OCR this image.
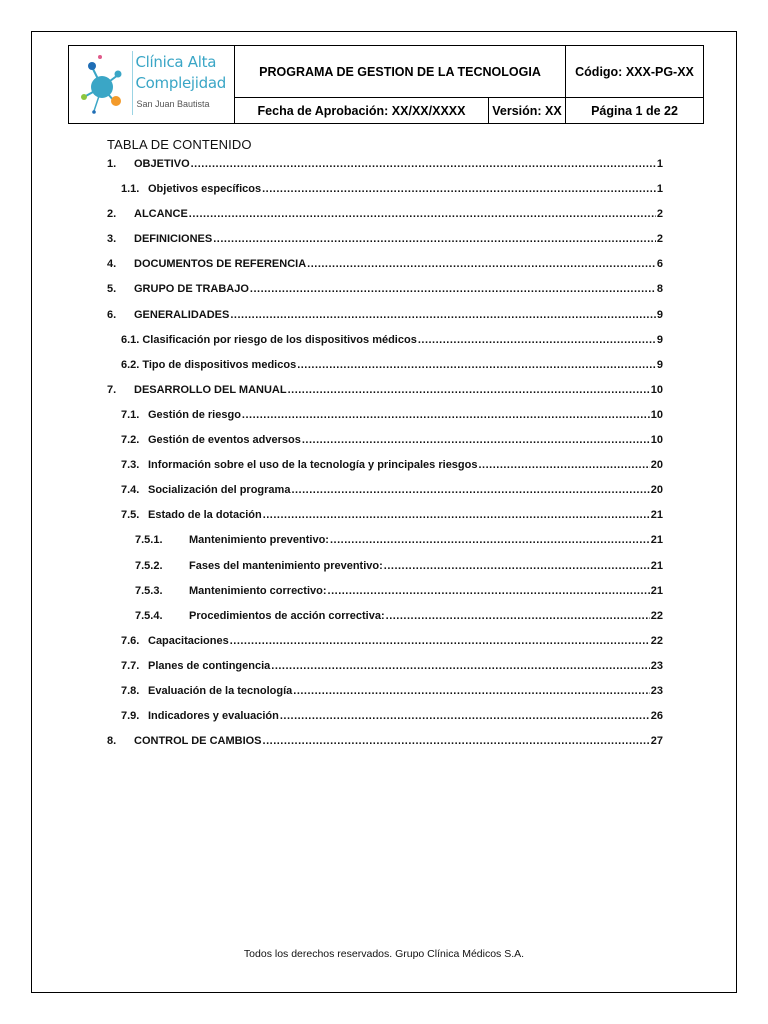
Clínica Alta
Complejidad
San Juan Bautista	PROGRAMA DE GESTION DE LA TECNOLOGIA		Código: XXX-PG-XX
	Fecha de Aprobación: XX/XX/XXXX	Versión: XX	Página 1 de 22
TABLA DE CONTENIDO
1.	OBJETIVO .....	1
1.1. Objetivos específicos .....	1
2.	ALCANCE .....	2
3.	DEFINICIONES .....	2
4.	DOCUMENTOS DE REFERENCIA .....	6
5.	GRUPO DE TRABAJO .....	8
6.	GENERALIDADES .....	9
6.1. Clasificación por riesgo de los dispositivos médicos .....	9
6.2. Tipo de dispositivos medicos .....	9
7.	DESARROLLO DEL MANUAL .....	10
7.1. Gestión de riesgo .....	10
7.2. Gestión de eventos adversos .....	10
7.3. Información sobre el uso de la tecnología y principales riesgos .....	20
7.4. Socialización del programa .....	20
7.5. Estado de la dotación .....	21
7.5.1.	Mantenimiento preventivo: .....	21
7.5.2.	Fases del mantenimiento preventivo: .....	21
7.5.3.	Mantenimiento correctivo: .....	21
7.5.4.	Procedimientos de acción correctiva: .....	22
7.6. Capacitaciones .....	22
7.7. Planes de contingencia .....	23
7.8. Evaluación de la tecnología .....	23
7.9. Indicadores y evaluación .....	26
8.	CONTROL DE CAMBIOS .....	27
Todos los derechos reservados. Grupo Clínica Médicos S.A.
